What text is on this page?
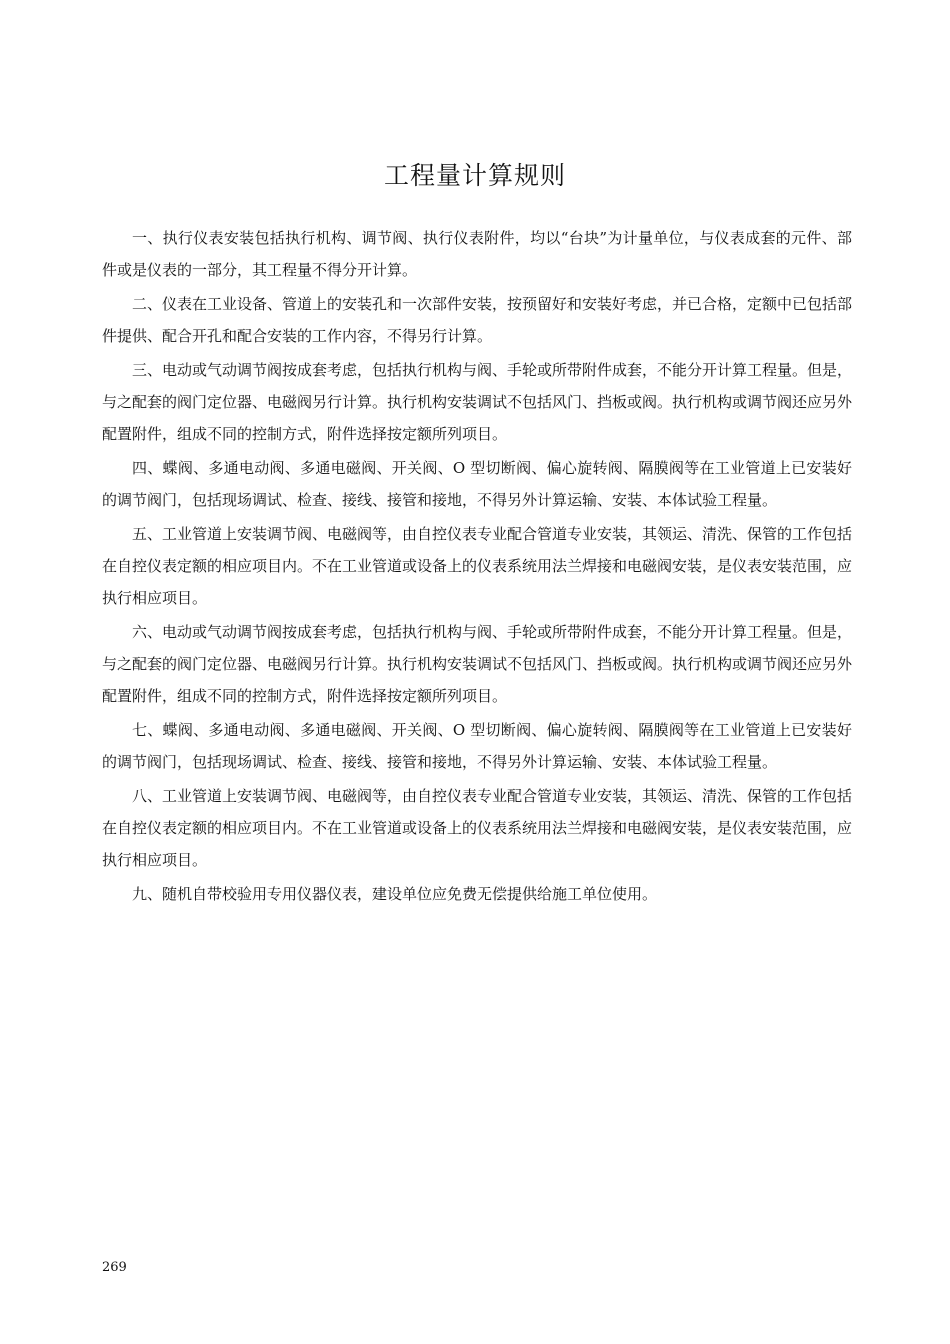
工程量计算规则

一、执行仪表安装包括执行机构、调节阀、执行仪表附件，均以“台块”为计量单位，与仪表成套的元件、部件或是仪表的一部分，其工程量不得分开计算。

二、仪表在工业设备、管道上的安装孔和一次部件安装，按预留好和安装好考虑，并已合格，定额中已包括部件提供、配合开孔和配合安装的工作内容，不得另行计算。

三、电动或气动调节阀按成套考虑，包括执行机构与阀、手轮或所带附件成套，不能分开计算工程量。但是，与之配套的阀门定位器、电磁阀另行计算。执行机构安装调试不包括风门、挡板或阀。执行机构或调节阀还应另外配置附件，组成不同的控制方式，附件选择按定额所列项目。

四、蝶阀、多通电动阀、多通电磁阀、开关阀、O 型切断阀、偏心旋转阀、隔膜阀等在工业管道上已安装好的调节阀门，包括现场调试、检查、接线、接管和接地，不得另外计算运输、安装、本体试验工程量。

五、工业管道上安装调节阀、电磁阀等，由自控仪表专业配合管道专业安装，其领运、清洗、保管的工作包括在自控仪表定额的相应项目内。不在工业管道或设备上的仪表系统用法兰焊接和电磁阀安装，是仪表安装范围，应执行相应项目。

六、电动或气动调节阀按成套考虑，包括执行机构与阀、手轮或所带附件成套，不能分开计算工程量。但是，与之配套的阀门定位器、电磁阀另行计算。执行机构安装调试不包括风门、挡板或阀。执行机构或调节阀还应另外配置附件，组成不同的控制方式，附件选择按定额所列项目。

七、蝶阀、多通电动阀、多通电磁阀、开关阀、O 型切断阀、偏心旋转阀、隔膜阀等在工业管道上已安装好的调节阀门，包括现场调试、检查、接线、接管和接地，不得另外计算运输、安装、本体试验工程量。

八、工业管道上安装调节阀、电磁阀等，由自控仪表专业配合管道专业安装，其领运、清洗、保管的工作包括在自控仪表定额的相应项目内。不在工业管道或设备上的仪表系统用法兰焊接和电磁阀安装，是仪表安装范围，应执行相应项目。

九、随机自带校验用专用仪器仪表，建设单位应免费无偿提供给施工单位使用。

269
